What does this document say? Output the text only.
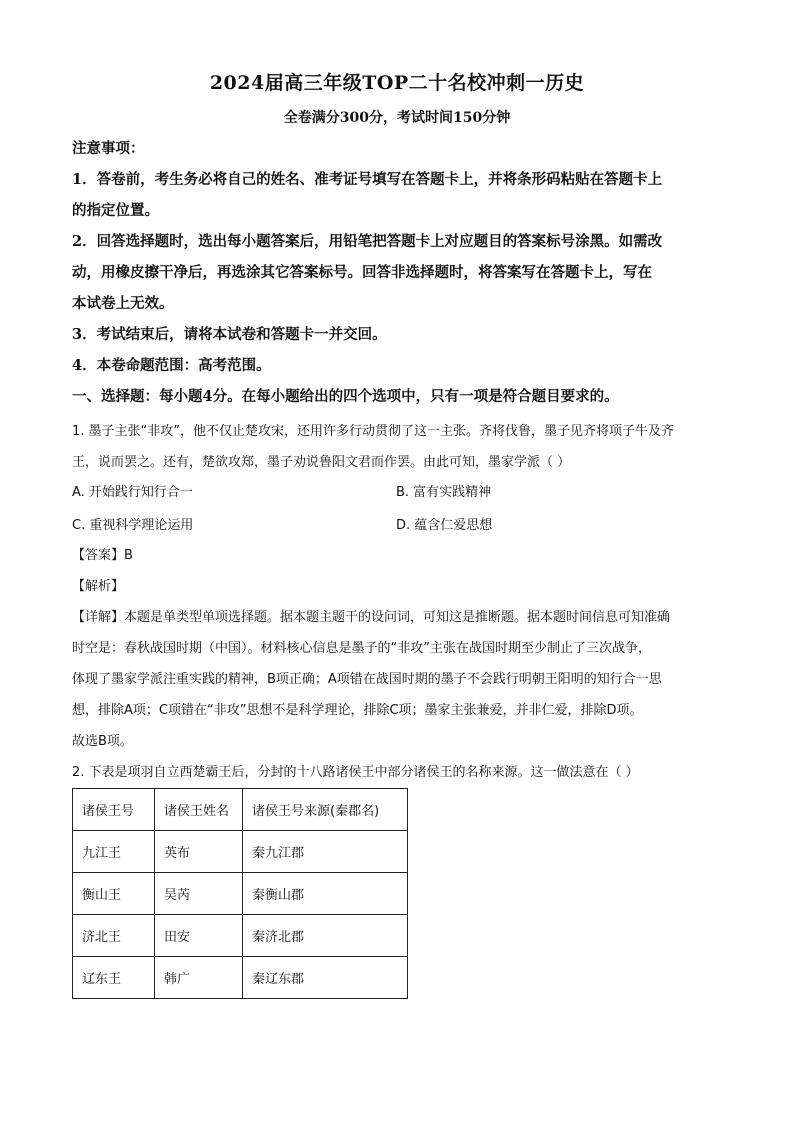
2024届高三年级TOP二十名校冲刺一历史
全卷满分300分，考试时间150分钟

注意事项：

1．答卷前，考生务必将自己的姓名、准考证号填写在答题卡上，并将条形码粘贴在答题卡上

的指定位置。

2．回答选择题时，选出每小题答案后，用铅笔把答题卡上对应题目的答案标号涂黑。如需改

动，用橡皮擦干净后，再选涂其它答案标号。回答非选择题时，将答案写在答题卡上，写在

本试卷上无效。

3．考试结束后，请将本试卷和答题卡一并交回。

4．本卷命题范围：高考范围。

一、选择题：每小题4分。在每小题给出的四个选项中，只有一项是符合题目要求的。

1. 墨子主张“非攻”，他不仅止楚攻宋，还用许多行动贯彻了这一主张。齐将伐鲁，墨子见齐将项子牛及齐

王，说而罢之。还有，楚欲攻郑，墨子劝说鲁阳文君而作罢。由此可知，墨家学派（ ）

A. 开始践行知行合一	B. 富有实践精神
C. 重视科学理论运用	D. 蕴含仁爱思想

【答案】B

【解析】

【详解】本题是单类型单项选择题。据本题主题干的设问词，可知这是推断题。据本题时间信息可知准确

时空是：春秋战国时期（中国）。材料核心信息是墨子的“非攻”主张在战国时期至少制止了三次战争，

体现了墨家学派注重实践的精神，B项正确；A项错在战国时期的墨子不会践行明朝王阳明的知行合一思

想，排除A项；C项错在“非攻”思想不是科学理论，排除C项；墨家主张兼爱，并非仁爱，排除D项。

故选B项。

2. 下表是项羽自立西楚霸王后，分封的十八路诸侯王中部分诸侯王的名称来源。这一做法意在（ ）

诸侯王号	诸侯王姓名	诸侯王号来源(秦郡名)
九江王	英布	秦九江郡
衡山王	吴芮	秦衡山郡
济北王	田安	秦济北郡
辽东王	韩广	秦辽东郡
